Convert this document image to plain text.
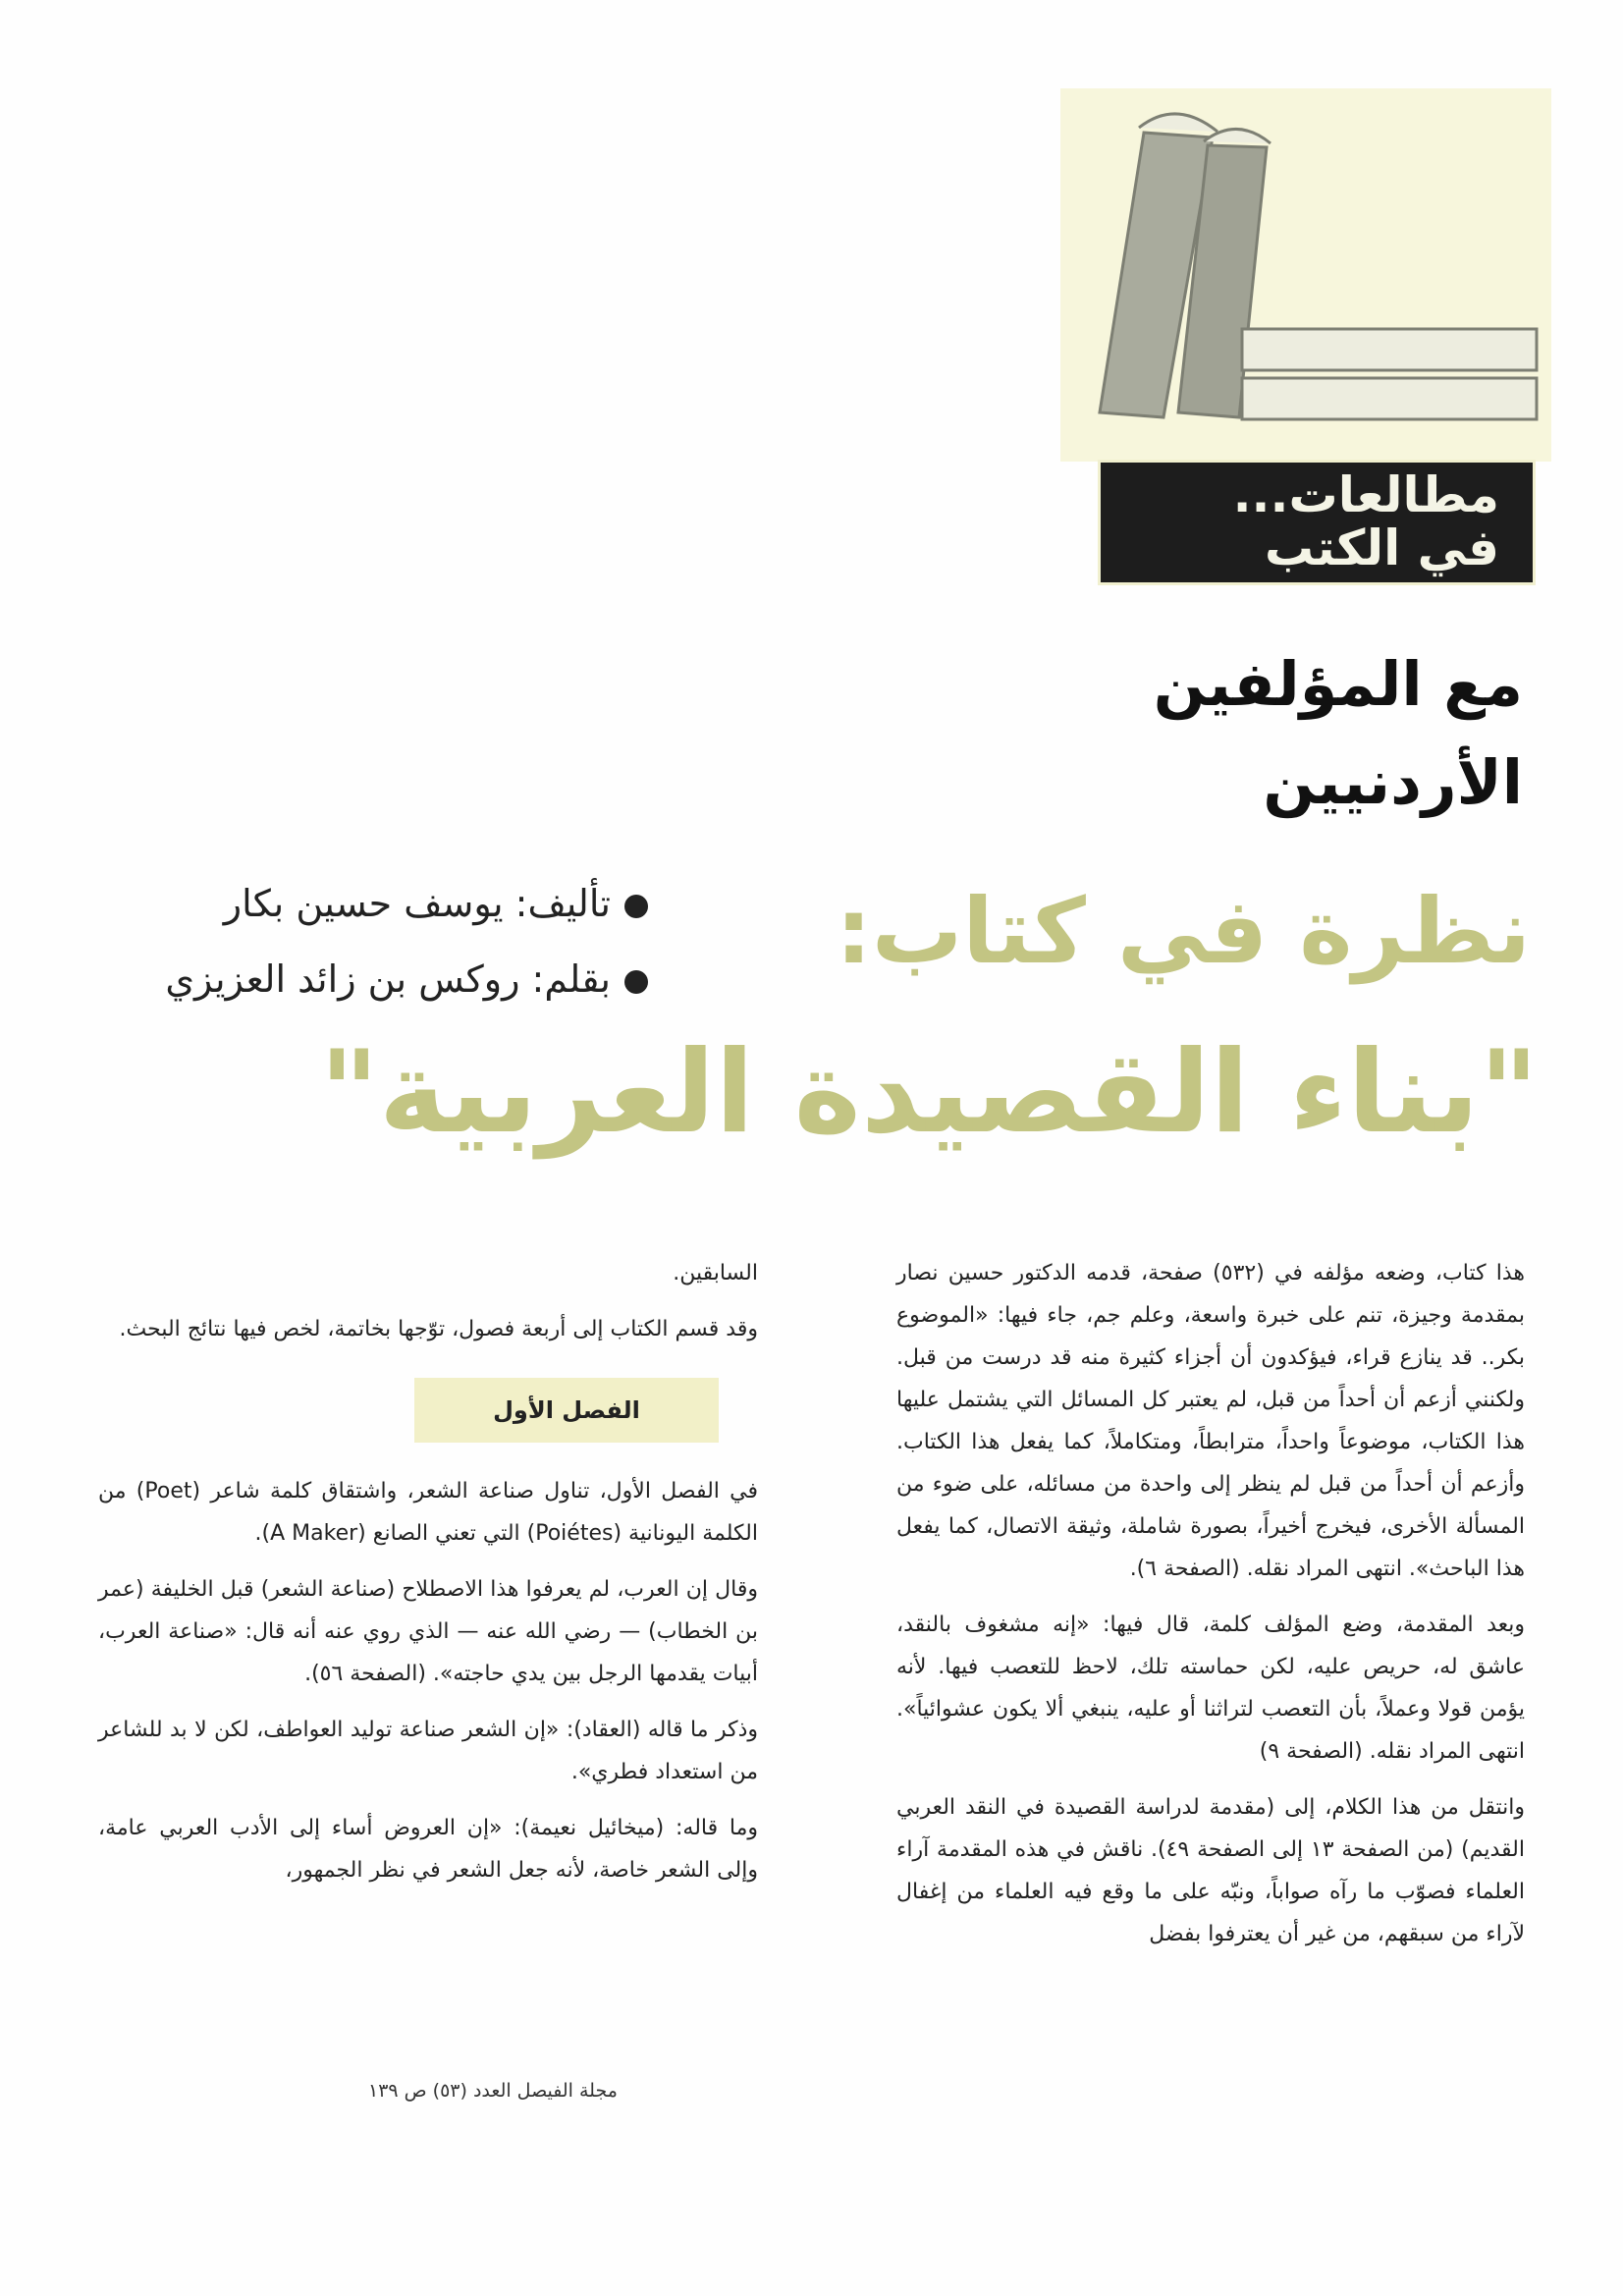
مطالعات...
في الكتب
مع المؤلفين
الأردنيين
نظرة في كتاب:
"بناء القصيدة العربية"
تأليف: يوسف حسين بكار
بقلم: روكس بن زائد العزيزي

هذا كتاب، وضعه مؤلفه في (٥٣٢) صفحة، قدمه الدكتور حسين نصار بمقدمة وجيزة، تنم على خبرة واسعة، وعلم جم، جاء فيها: «الموضوع بكر.. قد ينازع قراء، فيؤكدون أن أجزاء كثيرة منه قد درست من قبل. ولكنني أزعم أن أحداً من قبل، لم يعتبر كل المسائل التي يشتمل عليها هذا الكتاب، موضوعاً واحداً، مترابطاً، ومتكاملاً، كما يفعل هذا الكتاب. وأزعم أن أحداً من قبل لم ينظر إلى واحدة من مسائله، على ضوء من المسألة الأخرى، فيخرج أخيراً، بصورة شاملة، وثيقة الاتصال، كما يفعل هذا الباحث». انتهى المراد نقله. (الصفحة ٦).

وبعد المقدمة، وضع المؤلف كلمة، قال فيها: «إنه مشغوف بالنقد، عاشق له، حريص عليه، لكن حماسته تلك، لاحظ للتعصب فيها. لأنه يؤمن قولا وعملاً، بأن التعصب لتراثنا أو عليه، ينبغي ألا يكون عشوائياً». انتهى المراد نقله. (الصفحة ٩)

وانتقل من هذا الكلام، إلى (مقدمة لدراسة القصيدة في النقد العربي القديم) (من الصفحة ١٣ إلى الصفحة ٤٩). ناقش في هذه المقدمة آراء العلماء فصوّب ما رآه صواباً، ونبّه على ما وقع فيه العلماء من إغفال لآراء من سبقهم، من غير أن يعترفوا بفضل

السابقين.

وقد قسم الكتاب إلى أربعة فصول، توّجها بخاتمة، لخص فيها نتائج البحث.

الفصل الأول

في الفصل الأول، تناول صناعة الشعر، واشتقاق كلمة شاعر (Poet) من الكلمة اليونانية (Poiétes) التي تعني الصانع (A Maker).

وقال إن العرب، لم يعرفوا هذا الاصطلاح (صناعة الشعر) قبل الخليفة (عمر بن الخطاب) — رضي الله عنه — الذي روي عنه أنه قال: «صناعة العرب، أبيات يقدمها الرجل بين يدي حاجته». (الصفحة ٥٦).

وذكر ما قاله (العقاد): «إن الشعر صناعة توليد العواطف، لكن لا بد للشاعر من استعداد فطري».

وما قاله: (ميخائيل نعيمة): «إن العروض أساء إلى الأدب العربي عامة، وإلى الشعر خاصة، لأنه جعل الشعر في نظر الجمهور،

مجلة الفيصل العدد (٥٣) ص ١٣٩
